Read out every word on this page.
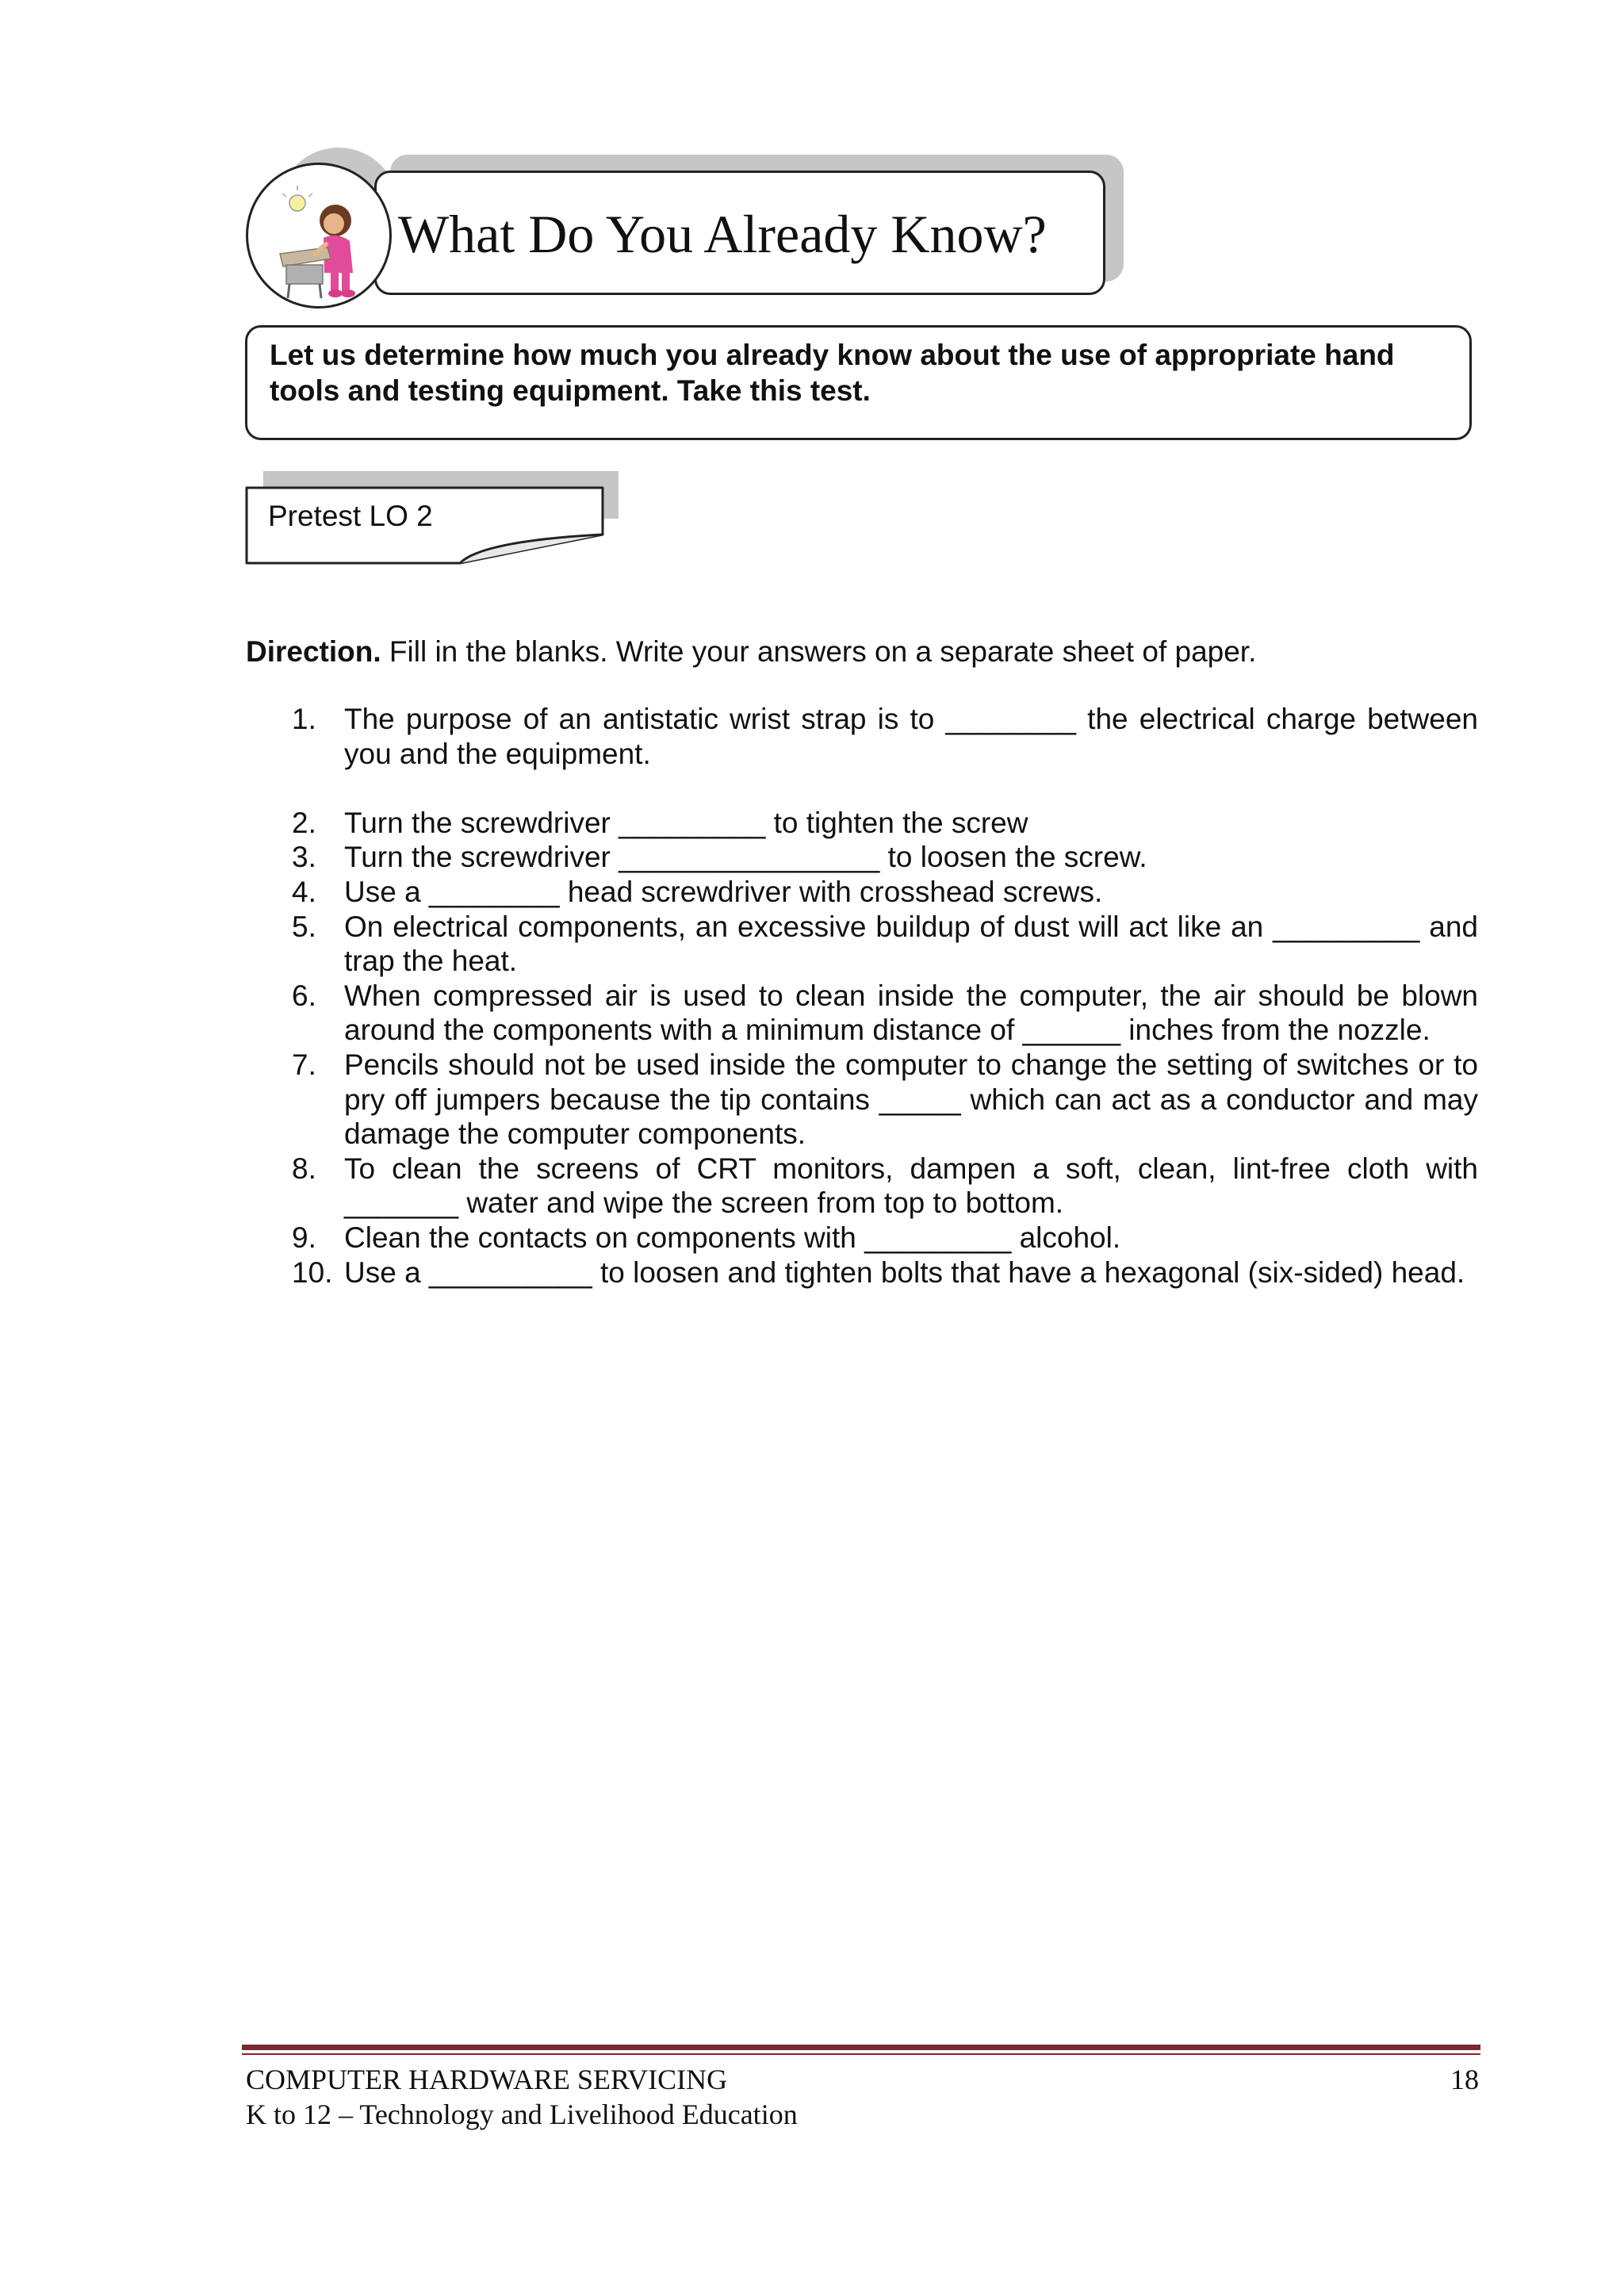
What Do You Already Know?
Let us determine how much you already know about the use of appropriate hand tools and testing equipment. Take this test.
Pretest LO 2
Direction. Fill in the blanks. Write your answers on a separate sheet of paper.
1. The purpose of an antistatic wrist strap is to ________ the electrical charge between you and the equipment.
2. Turn the screwdriver _________ to tighten the screw
3. Turn the screwdriver ________________ to loosen the screw.
4. Use a ________ head screwdriver with crosshead screws.
5. On electrical components, an excessive buildup of dust will act like an _________ and trap the heat.
6. When compressed air is used to clean inside the computer, the air should be blown around the components with a minimum distance of ______ inches from the nozzle.
7. Pencils should not be used inside the computer to change the setting of switches or to pry off jumpers because the tip contains _____ which can act as a conductor and may damage the computer components.
8. To clean the screens of CRT monitors, dampen a soft, clean, lint-free cloth with _______ water and wipe the screen from top to bottom.
9. Clean the contacts on components with _________ alcohol.
10. Use a __________ to loosen and tighten bolts that have a hexagonal (six-sided) head.
COMPUTER HARDWARE SERVICING
K to 12 – Technology and Livelihood Education
18
